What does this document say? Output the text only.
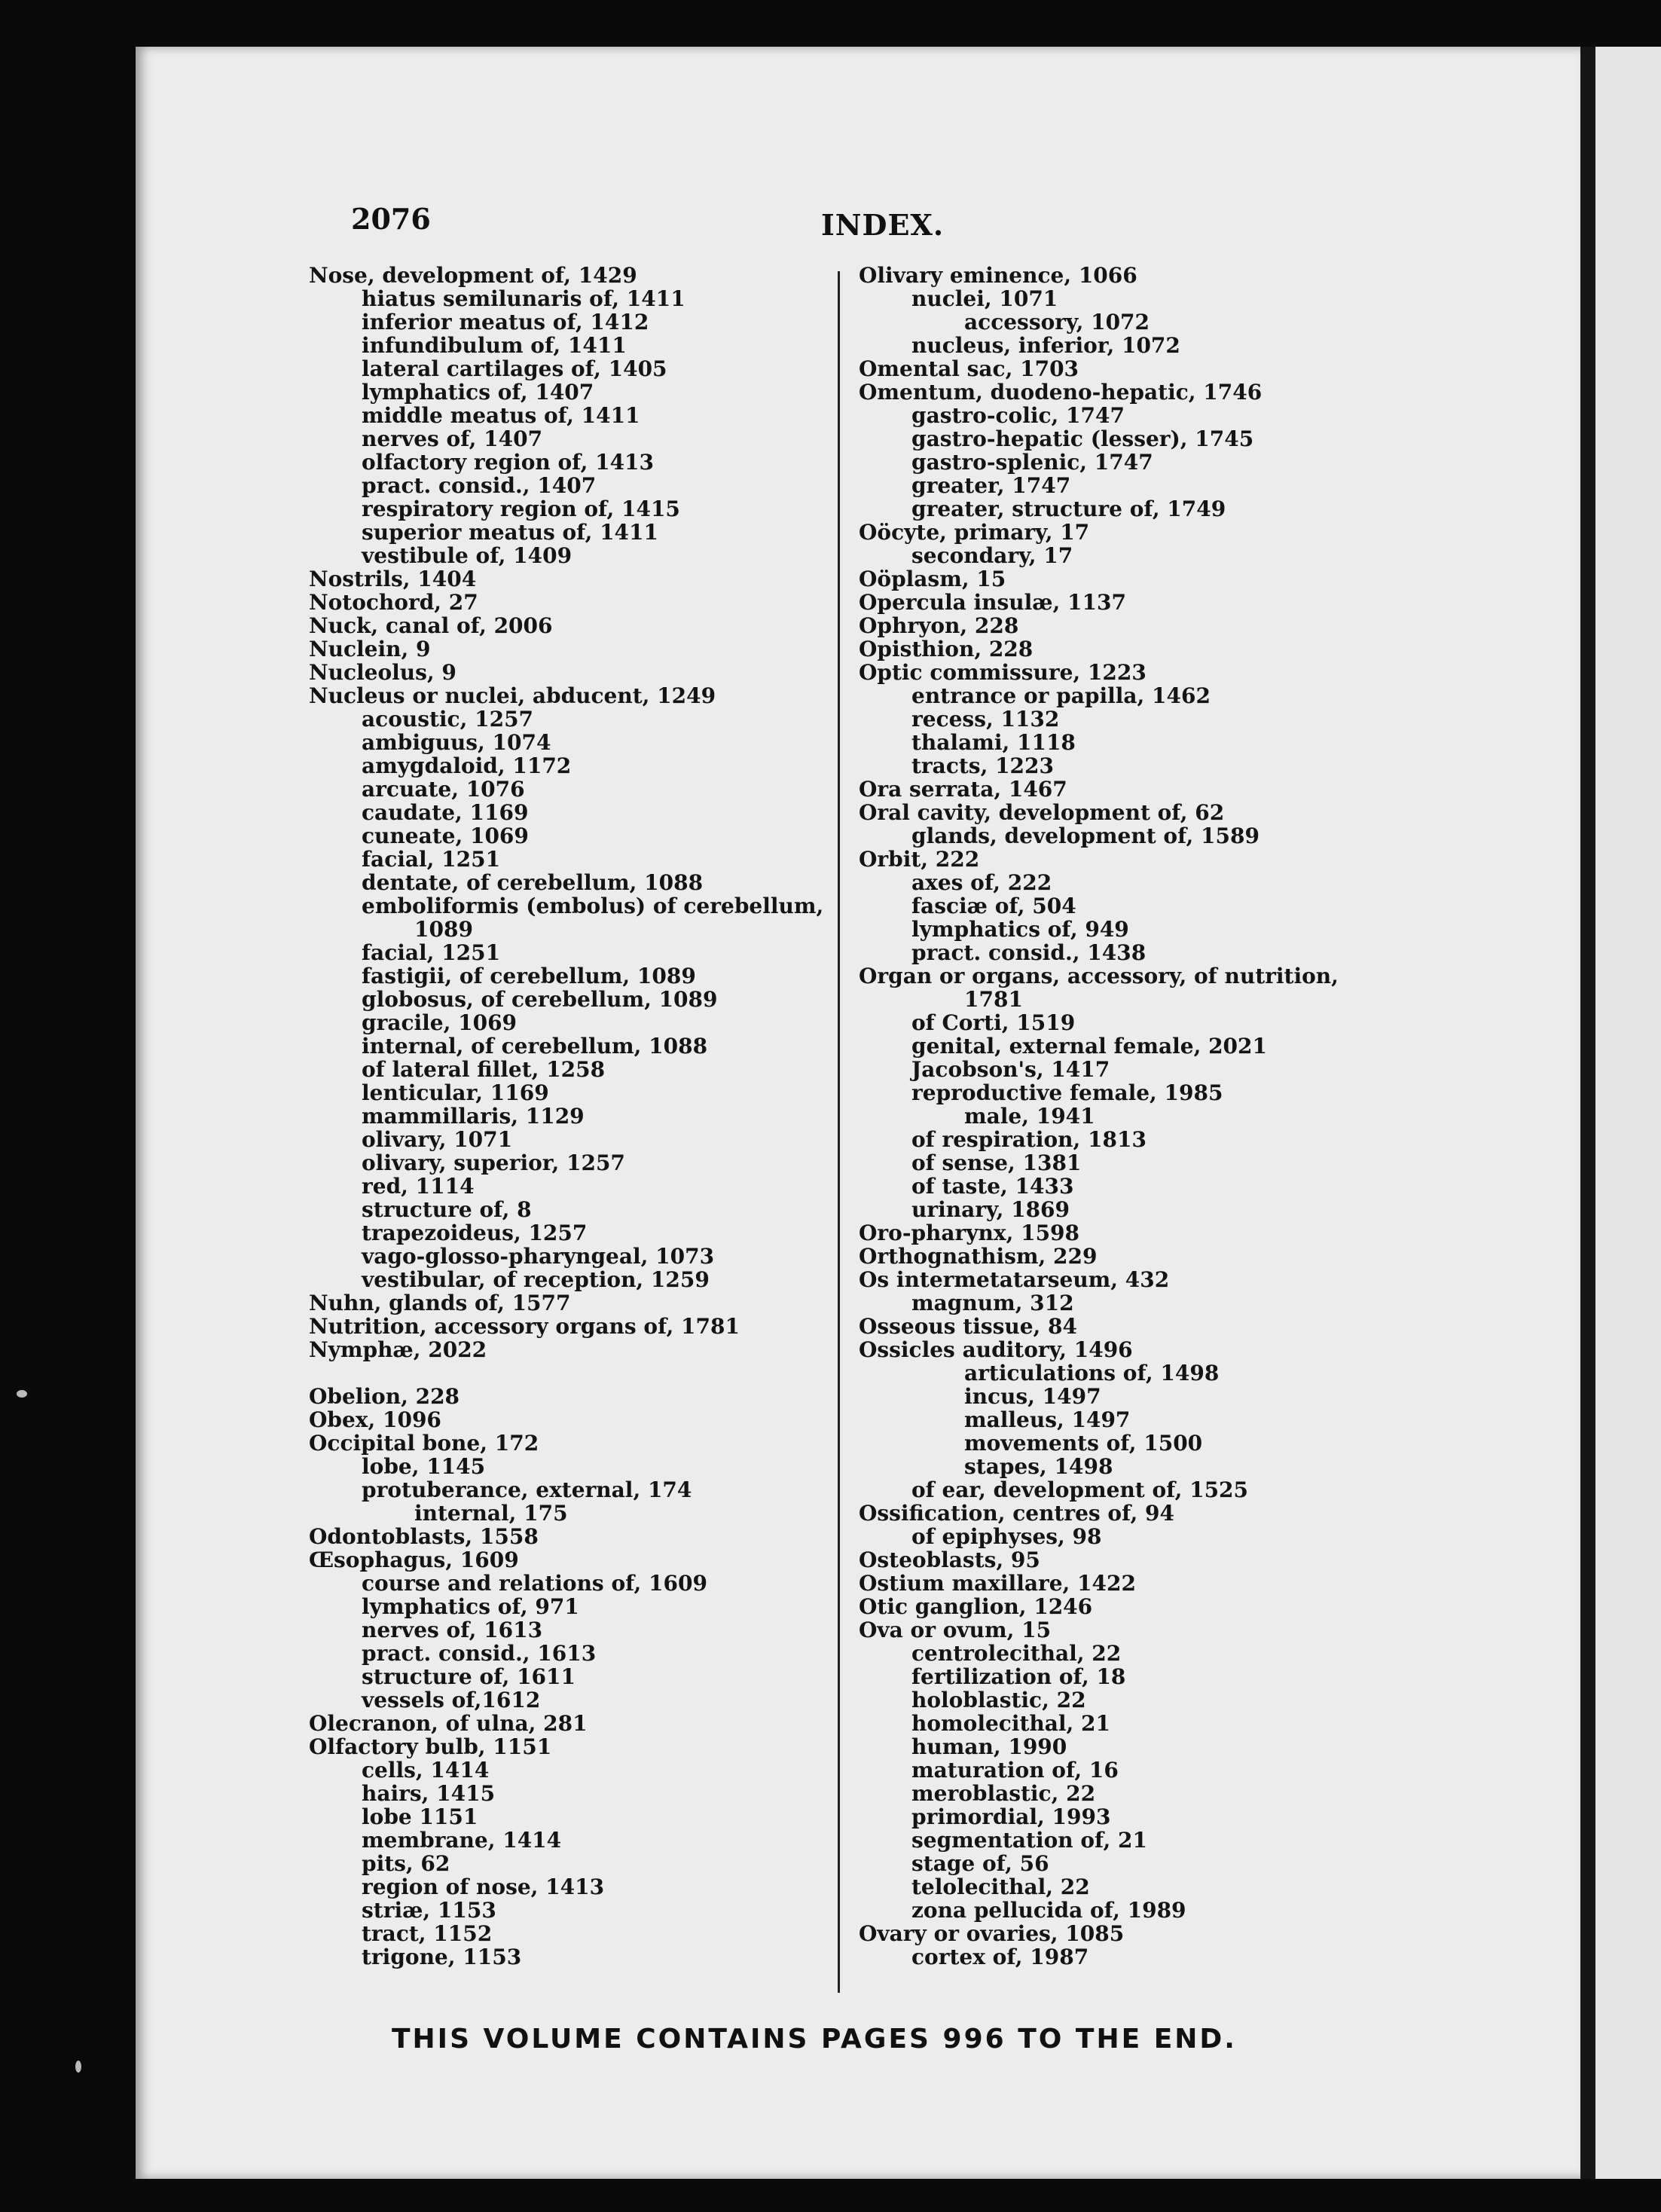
2076	INDEX.
Nose, development of, 1429
hiatus semilunaris of, 1411
inferior meatus of, 1412
infundibulum of, 1411
lateral cartilages of, 1405
lymphatics of, 1407
middle meatus of, 1411
nerves of, 1407
olfactory region of, 1413
pract. consid., 1407
respiratory region of, 1415
superior meatus of, 1411
vestibule of, 1409
Nostrils, 1404
Notochord, 27
Nuck, canal of, 2006
Nuclein, 9
Nucleolus, 9
Nucleus or nuclei, abducent, 1249
acoustic, 1257
ambiguus, 1074
amygdaloid, 1172
arcuate, 1076
caudate, 1169
cuneate, 1069
facial, 1251
dentate, of cerebellum, 1088
emboliformis (embolus) of cerebellum,
1089
facial, 1251
fastigii, of cerebellum, 1089
globosus, of cerebellum, 1089
gracile, 1069
internal, of cerebellum, 1088
of lateral fillet, 1258
lenticular, 1169
mammillaris, 1129
olivary, 1071
olivary, superior, 1257
red, 1114
structure of, 8
trapezoideus, 1257
vago-glosso-pharyngeal, 1073
vestibular, of reception, 1259
Nuhn, glands of, 1577
Nutrition, accessory organs of, 1781
Nymphæ, 2022
Obelion, 228
Obex, 1096
Occipital bone, 172
lobe, 1145
protuberance, external, 174
internal, 175
Odontoblasts, 1558
Œsophagus, 1609
course and relations of, 1609
lymphatics of, 971
nerves of, 1613
pract. consid., 1613
structure of, 1611
vessels of,1612
Olecranon, of ulna, 281
Olfactory bulb, 1151
cells, 1414
hairs, 1415
lobe 1151
membrane, 1414
pits, 62
region of nose, 1413
striæ, 1153
tract, 1152
trigone, 1153
Olivary eminence, 1066
nuclei, 1071
accessory, 1072
nucleus, inferior, 1072
Omental sac, 1703
Omentum, duodeno-hepatic, 1746
gastro-colic, 1747
gastro-hepatic (lesser), 1745
gastro-splenic, 1747
greater, 1747
greater, structure of, 1749
Oöcyte, primary, 17
secondary, 17
Oöplasm, 15
Opercula insulæ, 1137
Ophryon, 228
Opisthion, 228
Optic commissure, 1223
entrance or papilla, 1462
recess, 1132
thalami, 1118
tracts, 1223
Ora serrata, 1467
Oral cavity, development of, 62
glands, development of, 1589
Orbit, 222
axes of, 222
fasciæ of, 504
lymphatics of, 949
pract. consid., 1438
Organ or organs, accessory, of nutrition,
1781
of Corti, 1519
genital, external female, 2021
Jacobson's, 1417
reproductive female, 1985
male, 1941
of respiration, 1813
of sense, 1381
of taste, 1433
urinary, 1869
Oro-pharynx, 1598
Orthognathism, 229
Os intermetatarseum, 432
magnum, 312
Osseous tissue, 84
Ossicles auditory, 1496
articulations of, 1498
incus, 1497
malleus, 1497
movements of, 1500
stapes, 1498
of ear, development of, 1525
Ossification, centres of, 94
of epiphyses, 98
Osteoblasts, 95
Ostium maxillare, 1422
Otic ganglion, 1246
Ova or ovum, 15
centrolecithal, 22
fertilization of, 18
holoblastic, 22
homolecithal, 21
human, 1990
maturation of, 16
meroblastic, 22
primordial, 1993
segmentation of, 21
stage of, 56
telolecithal, 22
zona pellucida of, 1989
Ovary or ovaries, 1085
cortex of, 1987
THIS VOLUME CONTAINS PAGES 996 TO THE END.
